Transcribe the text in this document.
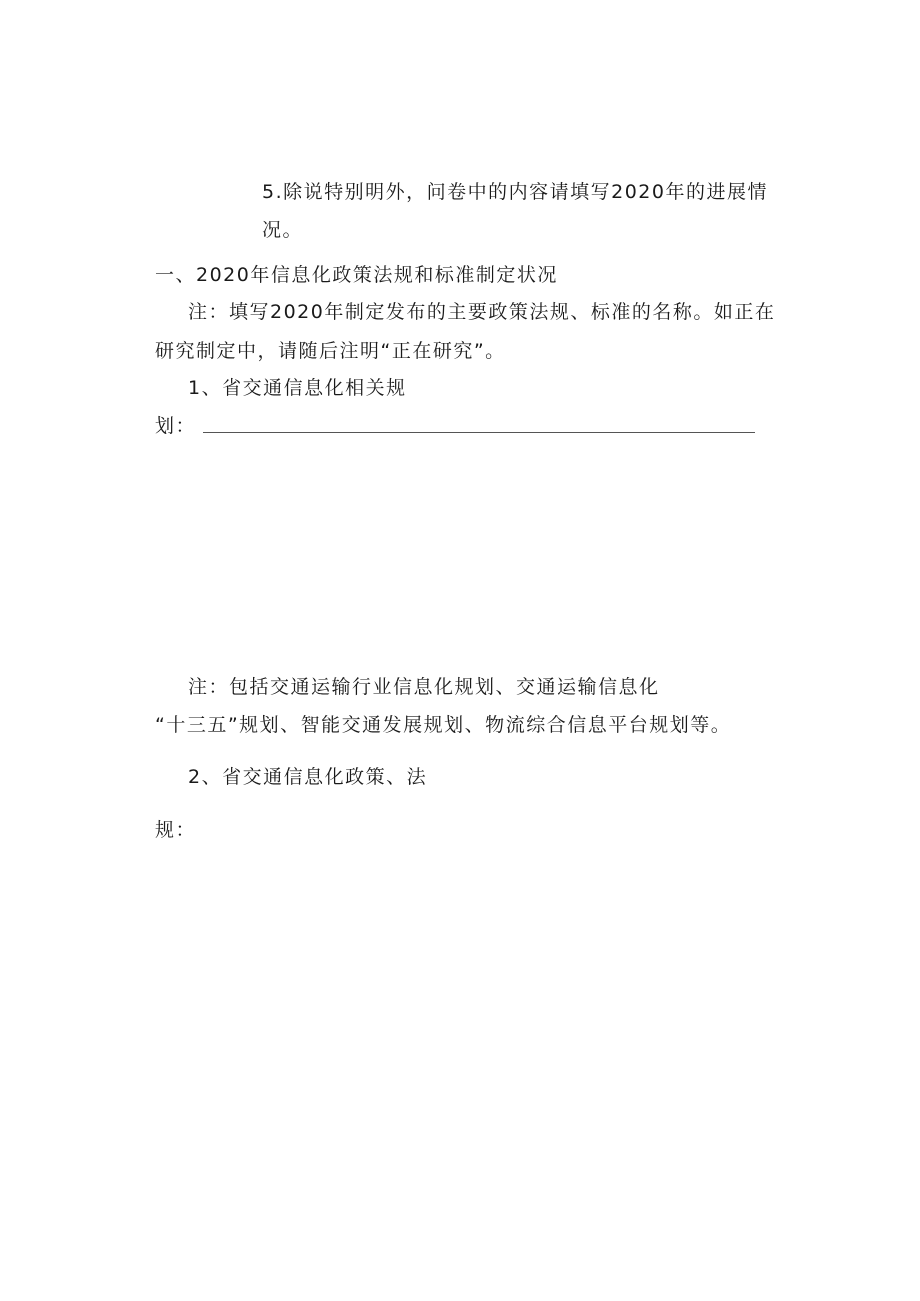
5.除说特别明外，问卷中的内容请填写2020年的进展情
况。
一、2020年信息化政策法规和标准制定状况
注：填写2020年制定发布的主要政策法规、标准的名称。如正在
研究制定中，请随后注明“正在研究”。
1、省交通信息化相关规
划：
注：包括交通运输行业信息化规划、交通运输信息化
“十三五”规划、智能交通发展规划、物流综合信息平台规划等。
2、省交通信息化政策、法
规：
